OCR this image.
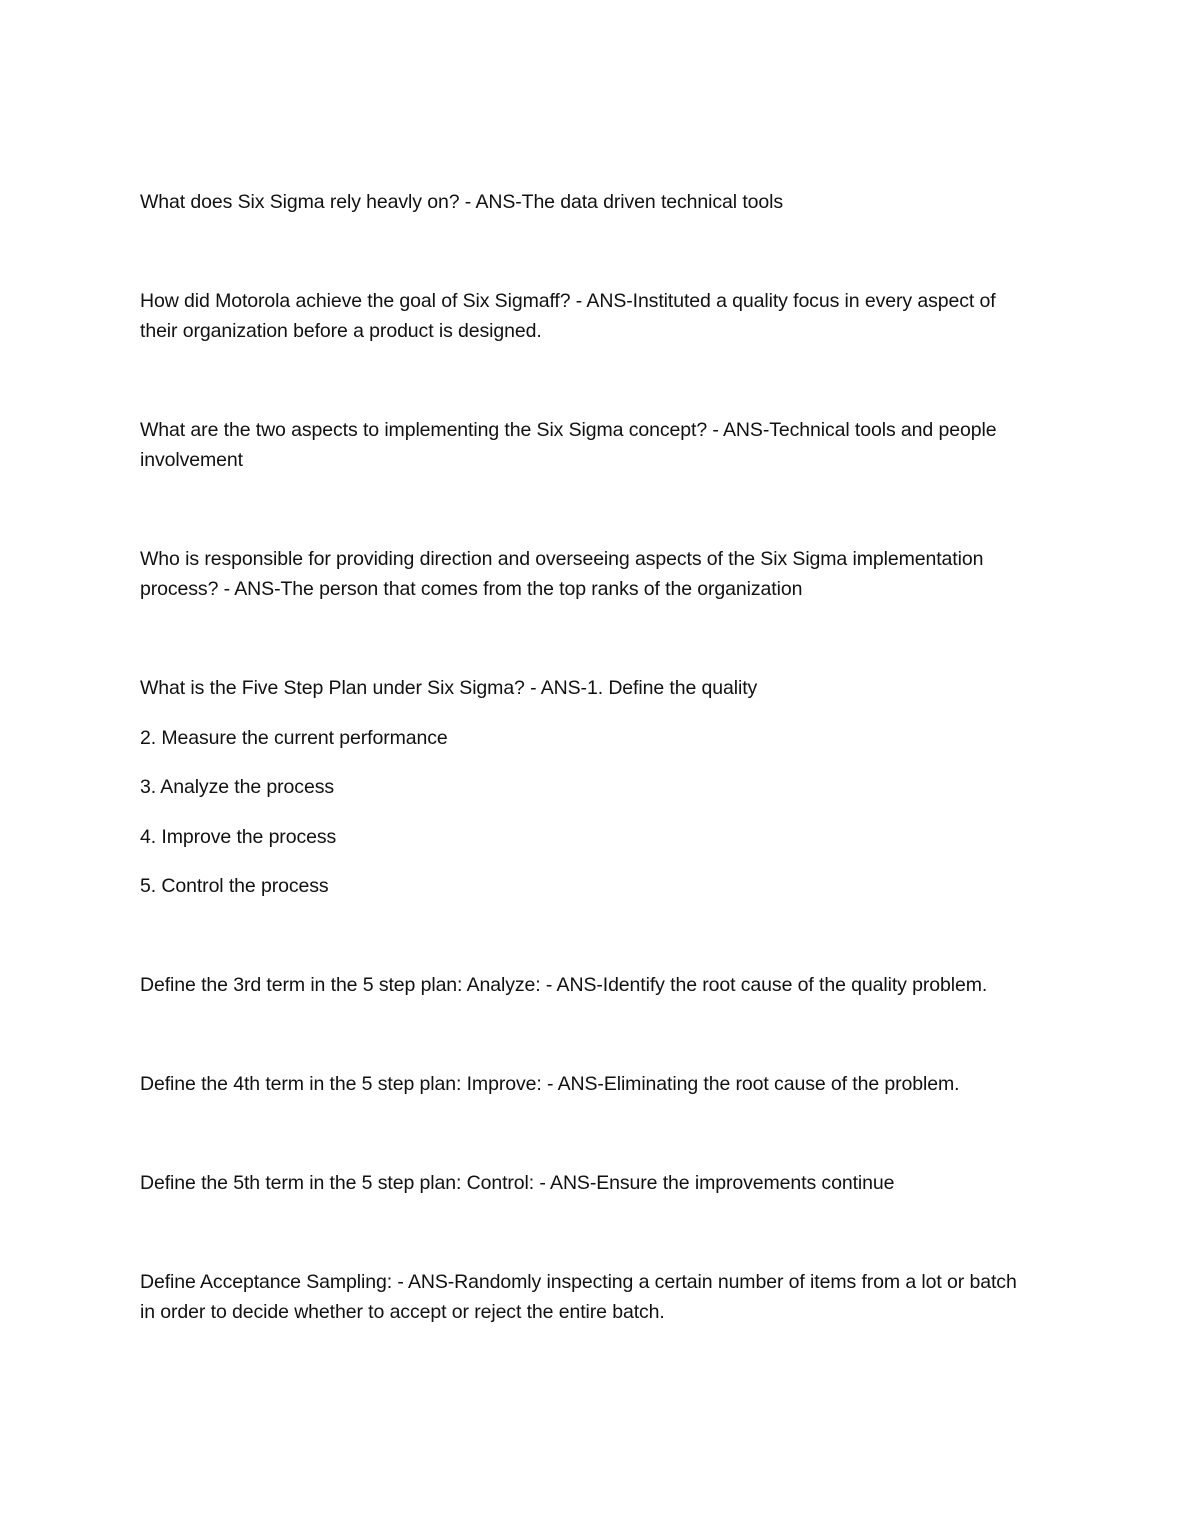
What does Six Sigma rely heavly on? - ANS-The data driven technical tools
How did Motorola achieve the goal of Six Sigmaff? - ANS-Instituted a quality focus in every aspect of
their organization before a product is designed.
What are the two aspects to implementing the Six Sigma concept? - ANS-Technical tools and people
involvement
Who is responsible for providing direction and overseeing aspects of the Six Sigma implementation
process? - ANS-The person that comes from the top ranks of the organization
What is the Five Step Plan under Six Sigma? - ANS-1. Define the quality
2. Measure the current performance
3. Analyze the process
4. Improve the process
5. Control the process
Define the 3rd term in the 5 step plan: Analyze: - ANS-Identify the root cause of the quality problem.
Define the 4th term in the 5 step plan: Improve: - ANS-Eliminating the root cause of the problem.
Define the 5th term in the 5 step plan: Control: - ANS-Ensure the improvements continue
Define Acceptance Sampling: - ANS-Randomly inspecting a certain number of items from a lot or batch
in order to decide whether to accept or reject the entire batch.
